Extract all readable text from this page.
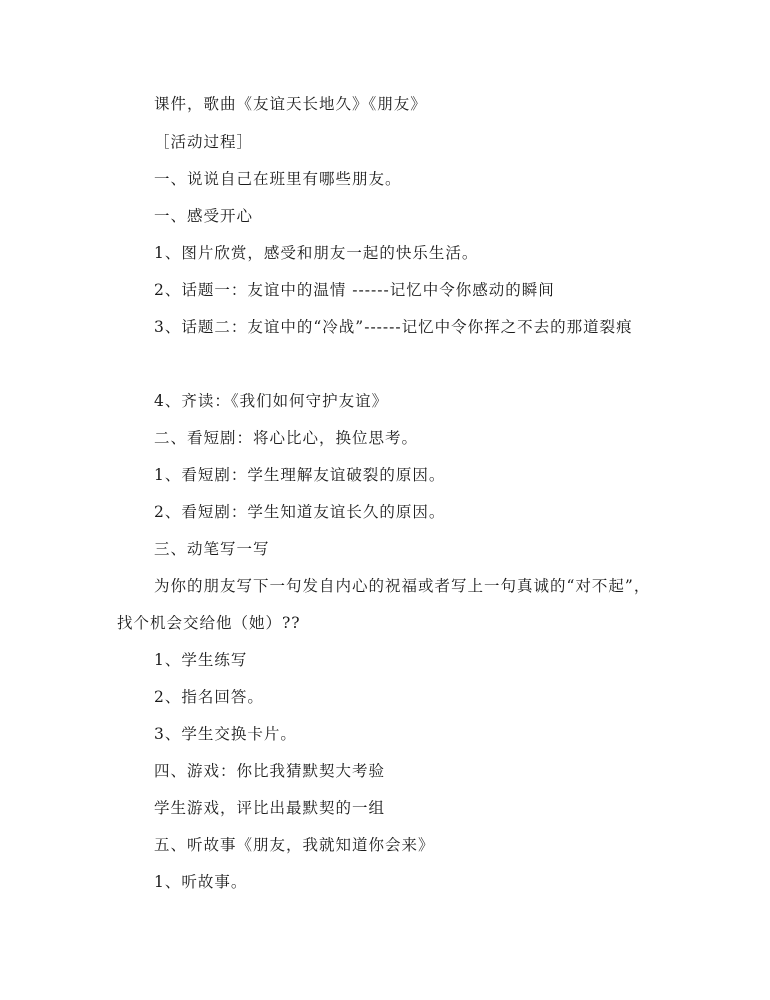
课件，歌曲《友谊天长地久》《朋友》

［活动过程］

一、说说自己在班里有哪些朋友。

一、感受开心

1、图片欣赏，感受和朋友一起的快乐生活。

2、话题一：友谊中的温情 ------记忆中令你感动的瞬间

3、话题二：友谊中的“冷战”------记忆中令你挥之不去的那道裂痕

4、齐读：《我们如何守护友谊》

二、看短剧：将心比心，换位思考。

1、看短剧：学生理解友谊破裂的原因。

2、看短剧：学生知道友谊长久的原因。

三、动笔写一写

为你的朋友写下一句发自内心的祝福或者写上一句真诚的“对不起”，找个机会交给他（她）??

1、学生练写

2、指名回答。

3、学生交换卡片。

四、游戏：你比我猜默契大考验

学生游戏，评比出最默契的一组

五、听故事《朋友，我就知道你会来》

1、听故事。
